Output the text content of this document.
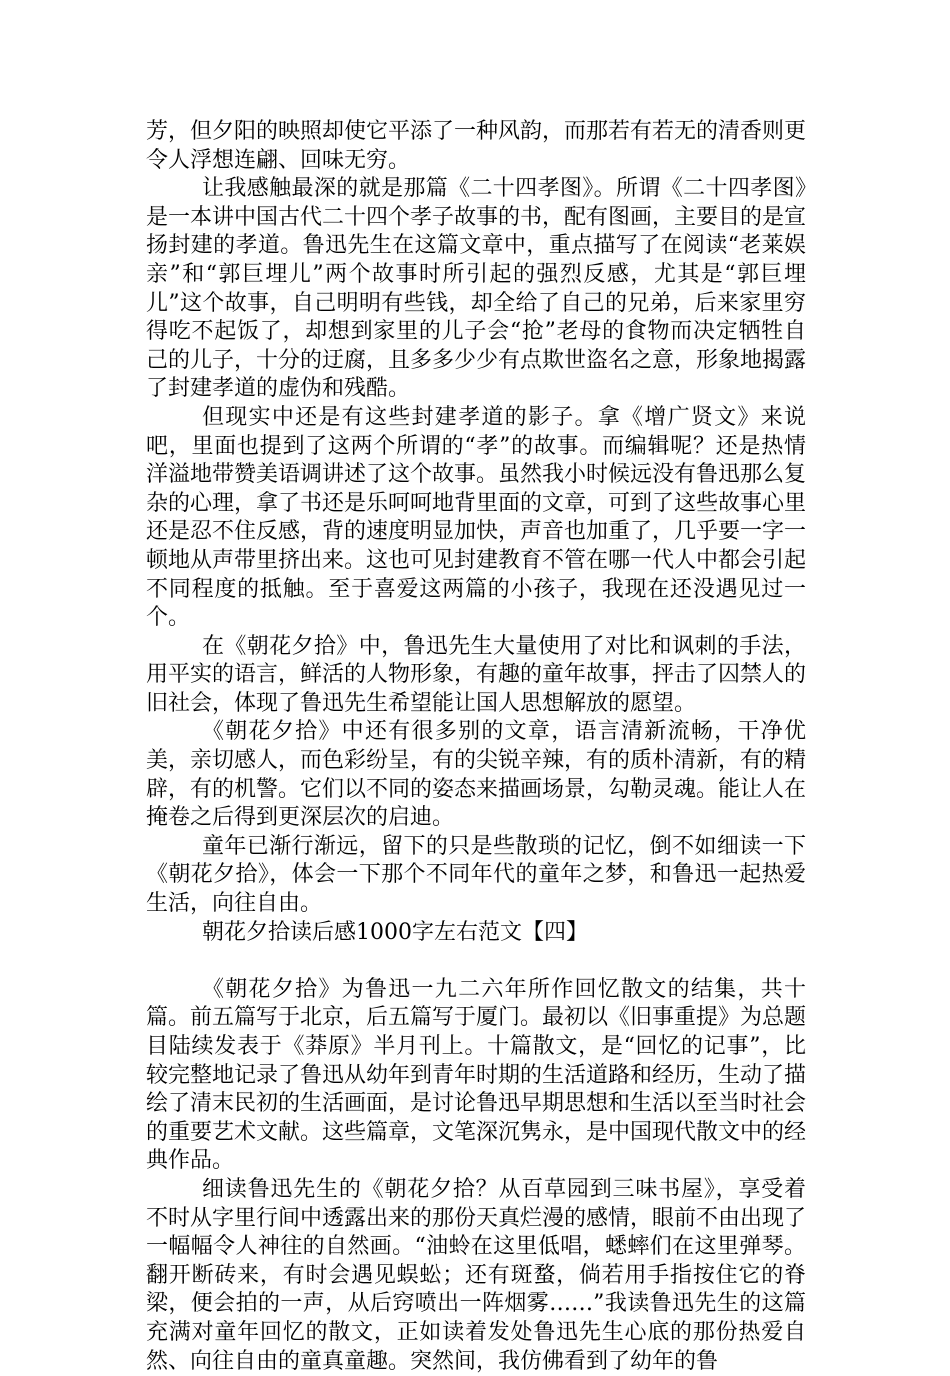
芳，但夕阳的映照却使它平添了一种风韵，而那若有若无的清香则更令人浮想连翩、回味无穷。

让我感触最深的就是那篇《二十四孝图》。所谓《二十四孝图》是一本讲中国古代二十四个孝子故事的书，配有图画，主要目的是宣扬封建的孝道。鲁迅先生在这篇文章中，重点描写了在阅读“老莱娱亲”和“郭巨埋儿”两个故事时所引起的强烈反感，尤其是“郭巨埋儿”这个故事，自己明明有些钱，却全给了自己的兄弟，后来家里穷得吃不起饭了，却想到家里的儿子会“抢”老母的食物而决定牺牲自己的儿子，十分的迂腐，且多多少少有点欺世盗名之意，形象地揭露了封建孝道的虚伪和残酷。

但现实中还是有这些封建孝道的影子。拿《增广贤文》来说吧，里面也提到了这两个所谓的“孝”的故事。而编辑呢？还是热情洋溢地带赞美语调讲述了这个故事。虽然我小时候远没有鲁迅那么复杂的心理，拿了书还是乐呵呵地背里面的文章，可到了这些故事心里还是忍不住反感，背的速度明显加快，声音也加重了，几乎要一字一顿地从声带里挤出来。这也可见封建教育不管在哪一代人中都会引起不同程度的抵触。至于喜爱这两篇的小孩子，我现在还没遇见过一个。

在《朝花夕拾》中，鲁迅先生大量使用了对比和讽刺的手法，用平实的语言，鲜活的人物形象，有趣的童年故事，抨击了囚禁人的旧社会，体现了鲁迅先生希望能让国人思想解放的愿望。

《朝花夕拾》中还有很多别的文章，语言清新流畅，干净优美，亲切感人，而色彩纷呈，有的尖锐辛辣，有的质朴清新，有的精辟，有的机警。它们以不同的姿态来描画场景，勾勒灵魂。能让人在掩卷之后得到更深层次的启迪。

童年已渐行渐远，留下的只是些散琐的记忆，倒不如细读一下《朝花夕拾》，体会一下那个不同年代的童年之梦，和鲁迅一起热爱生活，向往自由。

朝花夕拾读后感1000字左右范文【四】

《朝花夕拾》为鲁迅一九二六年所作回忆散文的结集，共十篇。前五篇写于北京，后五篇写于厦门。最初以《旧事重提》为总题目陆续发表于《莽原》半月刊上。十篇散文，是“回忆的记事”，比较完整地记录了鲁迅从幼年到青年时期的生活道路和经历，生动了描绘了清末民初的生活画面，是讨论鲁迅早期思想和生活以至当时社会的重要艺术文献。这些篇章，文笔深沉隽永，是中国现代散文中的经典作品。

细读鲁迅先生的《朝花夕拾？从百草园到三味书屋》，享受着不时从字里行间中透露出来的那份天真烂漫的感情，眼前不由出现了一幅幅令人神往的自然画。“油蛉在这里低唱，蟋蟀们在这里弹琴。翻开断砖来，有时会遇见蜈蚣；还有斑蝥，倘若用手指按住它的脊梁，便会拍的一声，从后窍喷出一阵烟雾……”我读鲁迅先生的这篇充满对童年回忆的散文，正如读着发处鲁迅先生心底的那份热爱自然、向往自由的童真童趣。突然间，我仿佛看到了幼年的鲁
